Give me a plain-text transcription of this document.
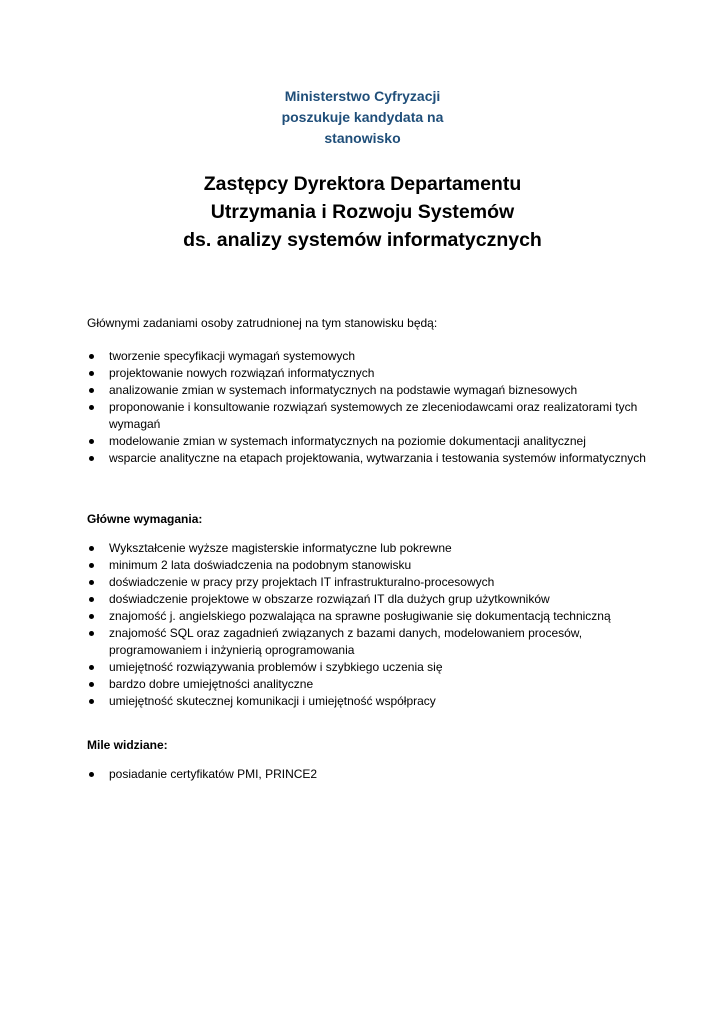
Ministerstwo Cyfryzacji
poszukuje kandydata na
stanowisko
Zastępcy Dyrektora Departamentu
Utrzymania i Rozwoju Systemów
ds. analizy systemów informatycznych
Głównymi zadaniami osoby zatrudnionej na tym stanowisku będą:
tworzenie specyfikacji wymagań systemowych
projektowanie nowych rozwiązań informatycznych
analizowanie zmian w systemach informatycznych na podstawie wymagań biznesowych
proponowanie i konsultowanie rozwiązań systemowych ze zleceniodawcami oraz realizatorami tych wymagań
modelowanie zmian w systemach informatycznych na poziomie dokumentacji analitycznej
wsparcie analityczne na etapach projektowania, wytwarzania i testowania systemów informatycznych
Główne wymagania:
Wykształcenie wyższe magisterskie informatyczne lub pokrewne
minimum 2 lata doświadczenia na podobnym stanowisku
doświadczenie w pracy przy projektach IT infrastrukturalno-procesowych
doświadczenie projektowe w obszarze rozwiązań IT dla dużych grup użytkowników
znajomość j. angielskiego pozwalająca na sprawne posługiwanie się dokumentacją techniczną
znajomość SQL oraz zagadnień związanych z bazami danych, modelowaniem procesów, programowaniem i inżynierią oprogramowania
umiejętność rozwiązywania problemów i szybkiego uczenia się
bardzo dobre umiejętności analityczne
umiejętność skutecznej komunikacji i umiejętność współpracy
Mile widziane:
posiadanie certyfikatów PMI, PRINCE2
